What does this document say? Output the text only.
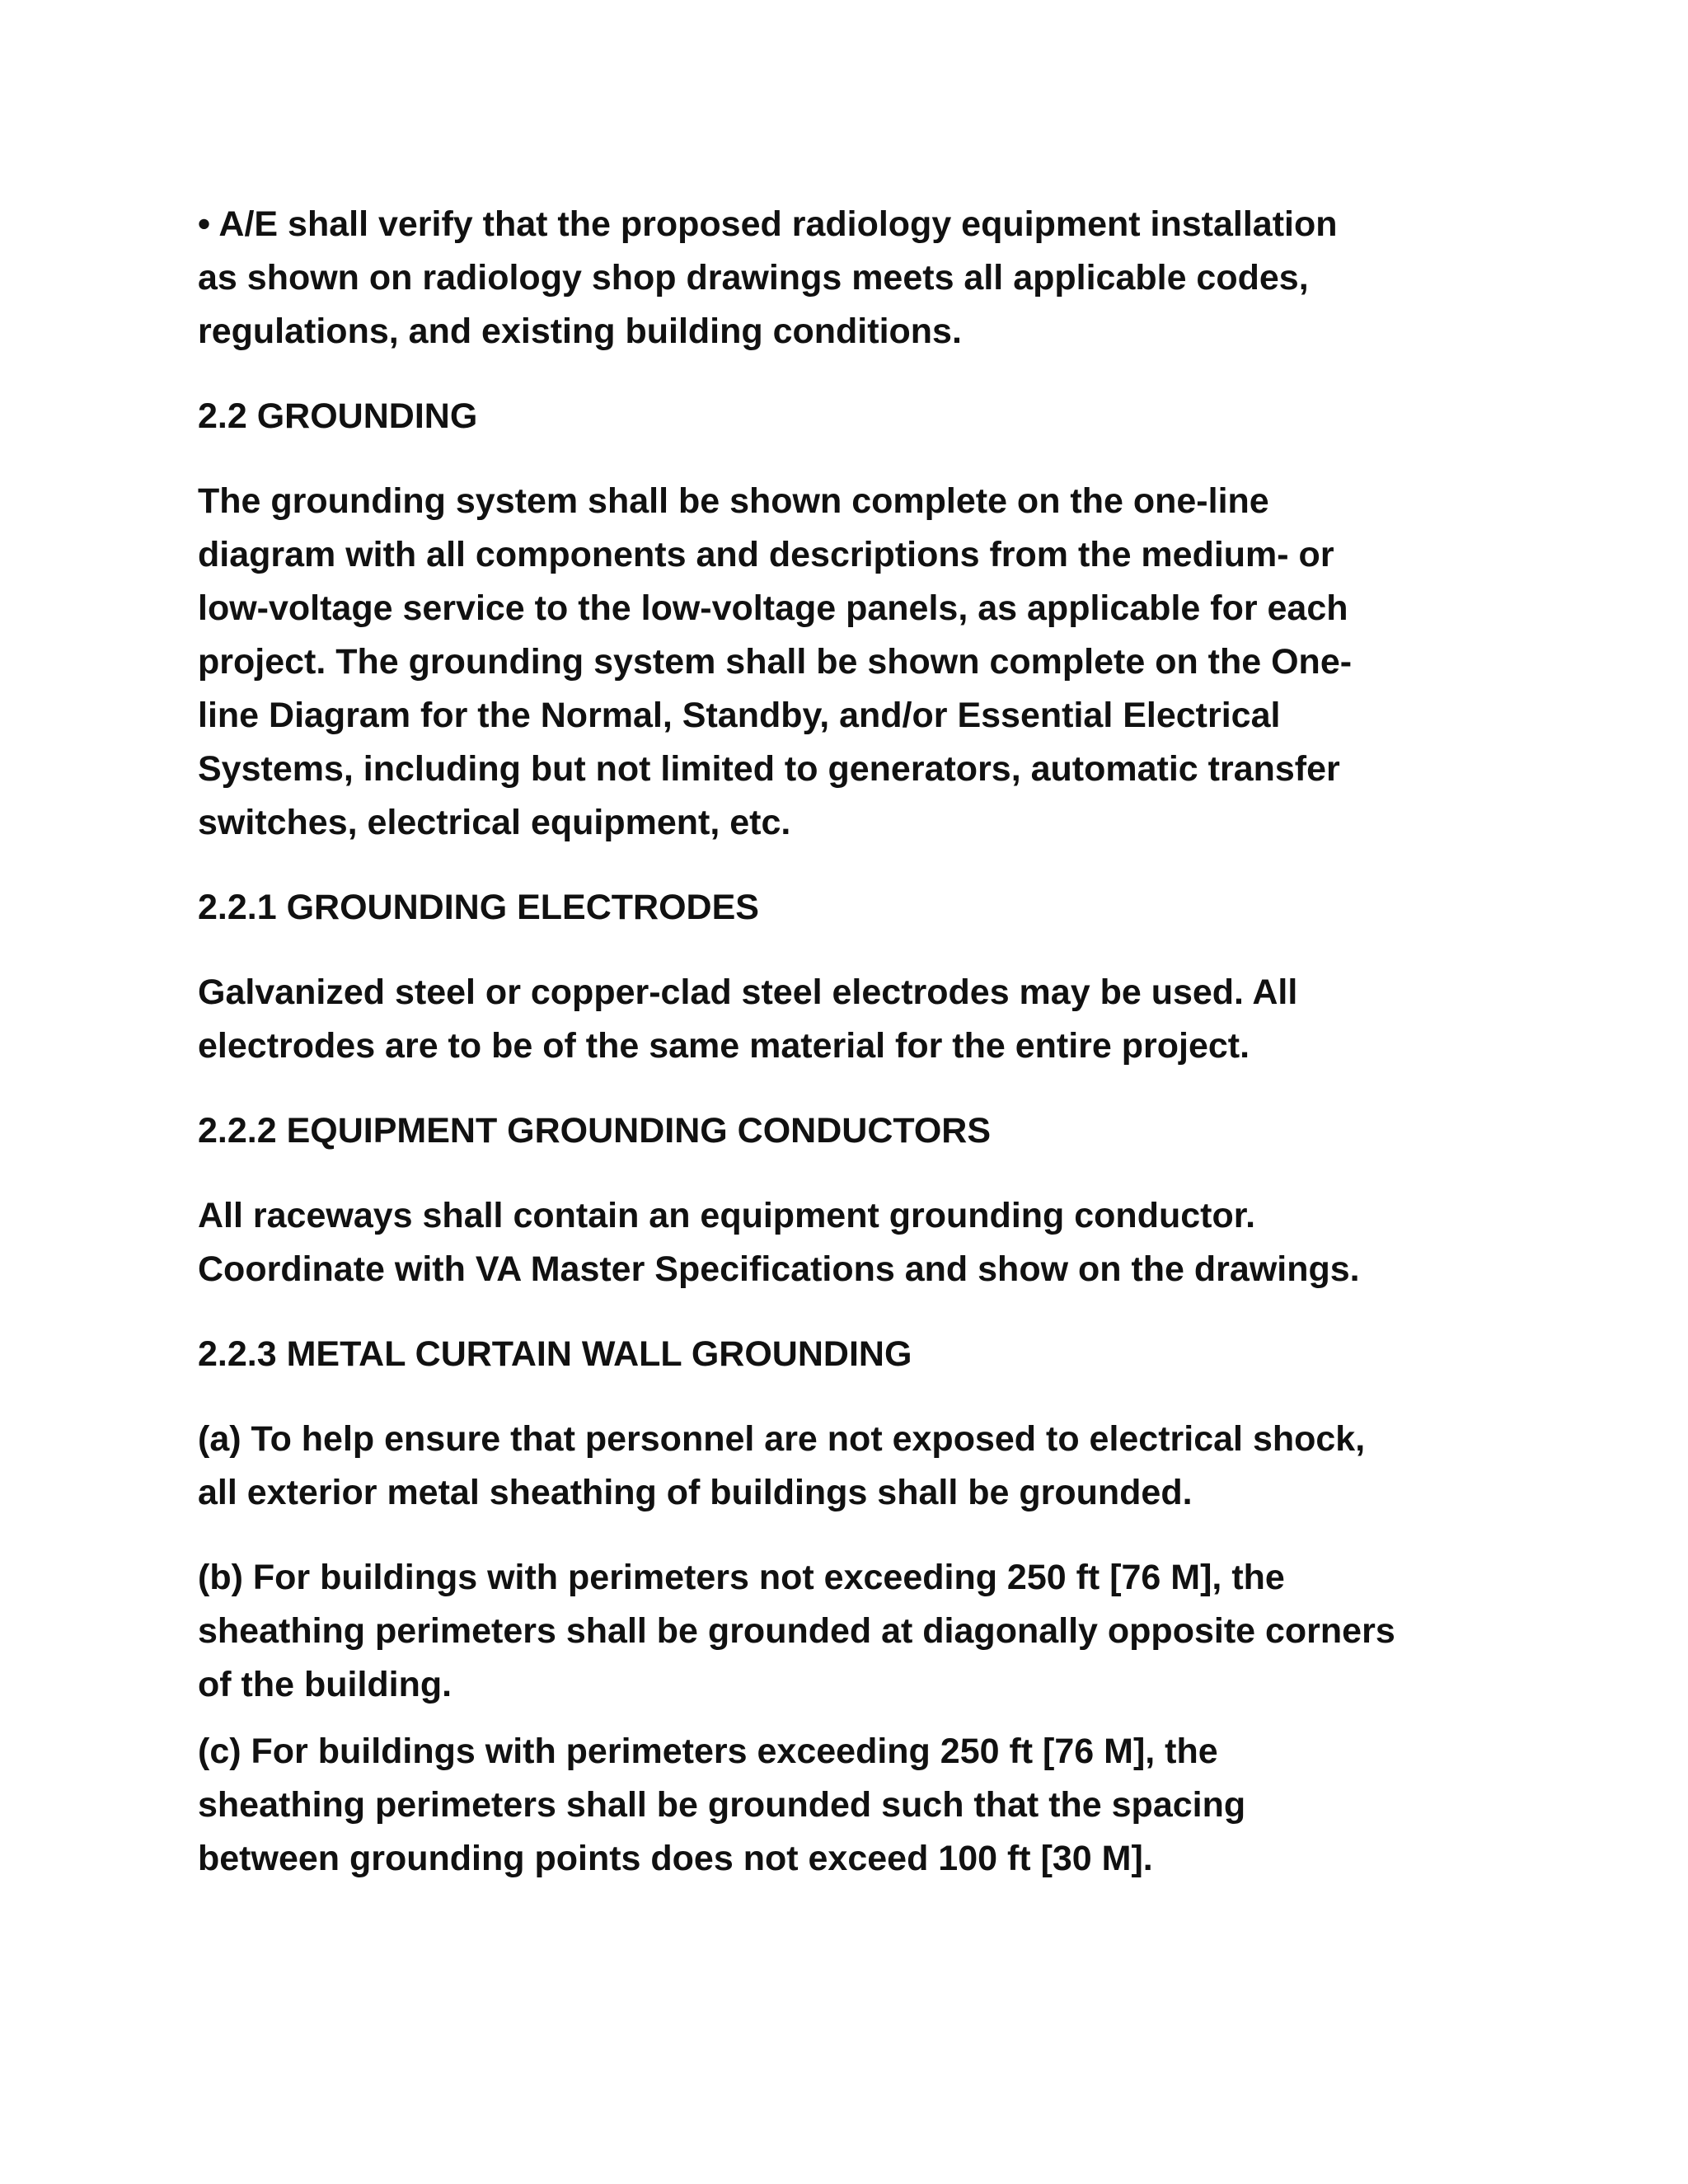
• A/E shall verify that the proposed radiology equipment installation
as shown on radiology shop drawings meets all applicable codes,
regulations, and existing building conditions.

2.2 GROUNDING

The grounding system shall be shown complete on the one-line
diagram with all components and descriptions from the medium- or
low-voltage service to the low-voltage panels, as applicable for each
project. The grounding system shall be shown complete on the One-
line Diagram for the Normal, Standby, and/or Essential Electrical
Systems, including but not limited to generators, automatic transfer
switches, electrical equipment, etc.

2.2.1 GROUNDING ELECTRODES

Galvanized steel or copper-clad steel electrodes may be used. All
electrodes are to be of the same material for the entire project.

2.2.2 EQUIPMENT GROUNDING CONDUCTORS

All raceways shall contain an equipment grounding conductor.
Coordinate with VA Master Specifications and show on the drawings.

2.2.3 METAL CURTAIN WALL GROUNDING

(a) To help ensure that personnel are not exposed to electrical shock,
all exterior metal sheathing of buildings shall be grounded.

(b) For buildings with perimeters not exceeding 250 ft [76 M], the
sheathing perimeters shall be grounded at diagonally opposite corners
of the building.

(c) For buildings with perimeters exceeding 250 ft [76 M], the
sheathing perimeters shall be grounded such that the spacing
between grounding points does not exceed 100 ft [30 M].
